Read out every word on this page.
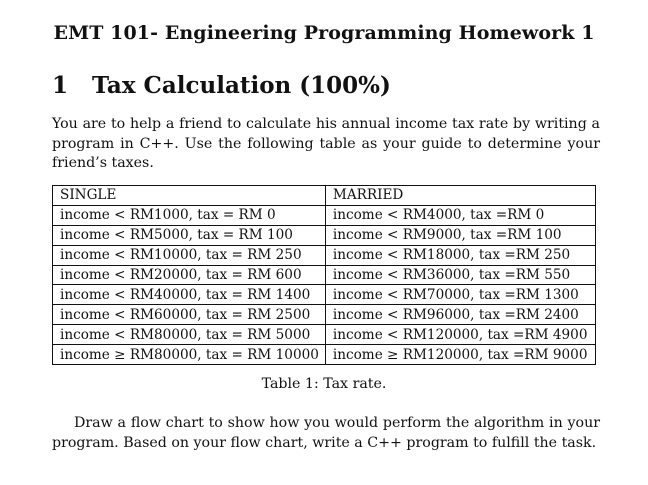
EMT 101- Engineering Programming Homework 1
1 Tax Calculation (100%)
You are to help a friend to calculate his annual income tax rate by writing a program in C++. Use the following table as your guide to determine your friend’s taxes.
SINGLE	MARRIED
income < RM1000, tax = RM 0	income < RM4000, tax =RM 0
income < RM5000, tax = RM 100	income < RM9000, tax =RM 100
income < RM10000, tax = RM 250	income < RM18000, tax =RM 250
income < RM20000, tax = RM 600	income < RM36000, tax =RM 550
income < RM40000, tax = RM 1400	income < RM70000, tax =RM 1300
income < RM60000, tax = RM 2500	income < RM96000, tax =RM 2400
income < RM80000, tax = RM 5000	income < RM120000, tax =RM 4900
income ≥ RM80000, tax = RM 10000	income ≥ RM120000, tax =RM 9000
Table 1: Tax rate.
Draw a flow chart to show how you would perform the algorithm in your program. Based on your flow chart, write a C++ program to fulfill the task.
